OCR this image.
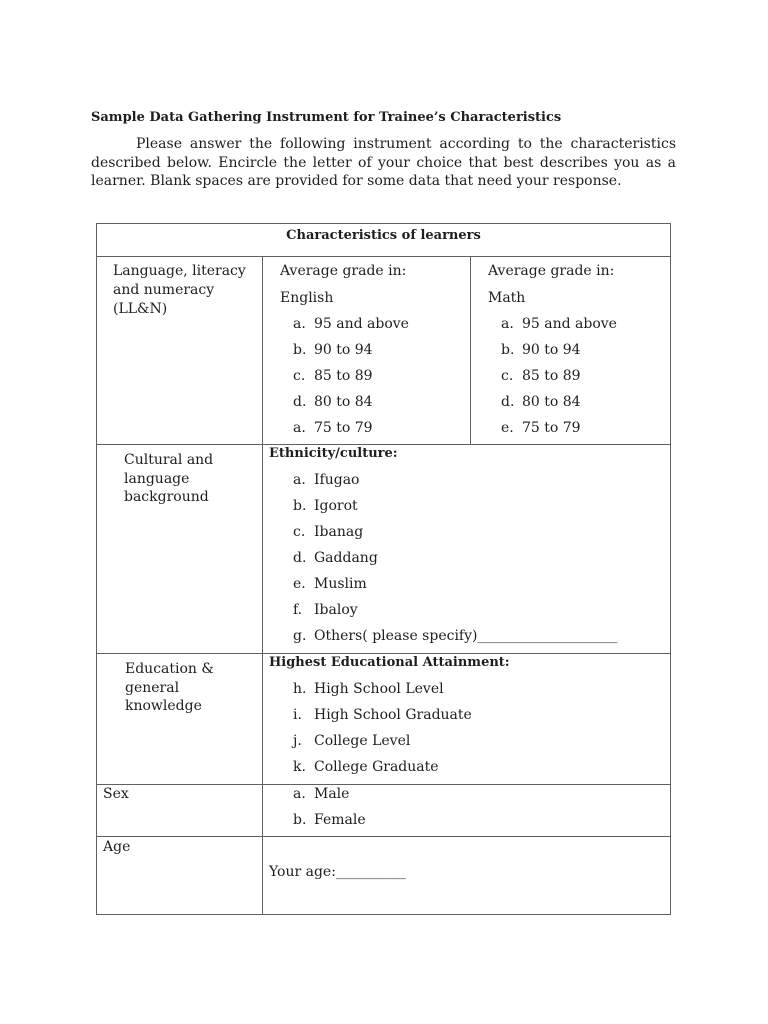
Sample Data Gathering Instrument for Trainee’s Characteristics

Please answer the following instrument according to the characteristics described below. Encircle the letter of your choice that best describes you as a learner. Blank spaces are provided for some data that need your response.

Characteristics of learners
Language, literacy
and numeracy
(LL&N)
Average grade in:
English
a. 95 and above
b. 90 to 94
c. 85 to 89
d. 80 to 84
a. 75 to 79
Average grade in:
Math
a. 95 and above
b. 90 to 94
c. 85 to 89
d. 80 to 84
e. 75 to 79
Cultural and
language
background
Ethnicity/culture:
a. Ifugao
b. Igorot
c. Ibanag
d. Gaddang
e. Muslim
f. Ibaloy
g. Others( please specify)____________________
Education &
general
knowledge
Highest Educational Attainment:
h. High School Level
i. High School Graduate
j. College Level
k. College Graduate
Sex	a. Male
b. Female
Age
Your age:__________
